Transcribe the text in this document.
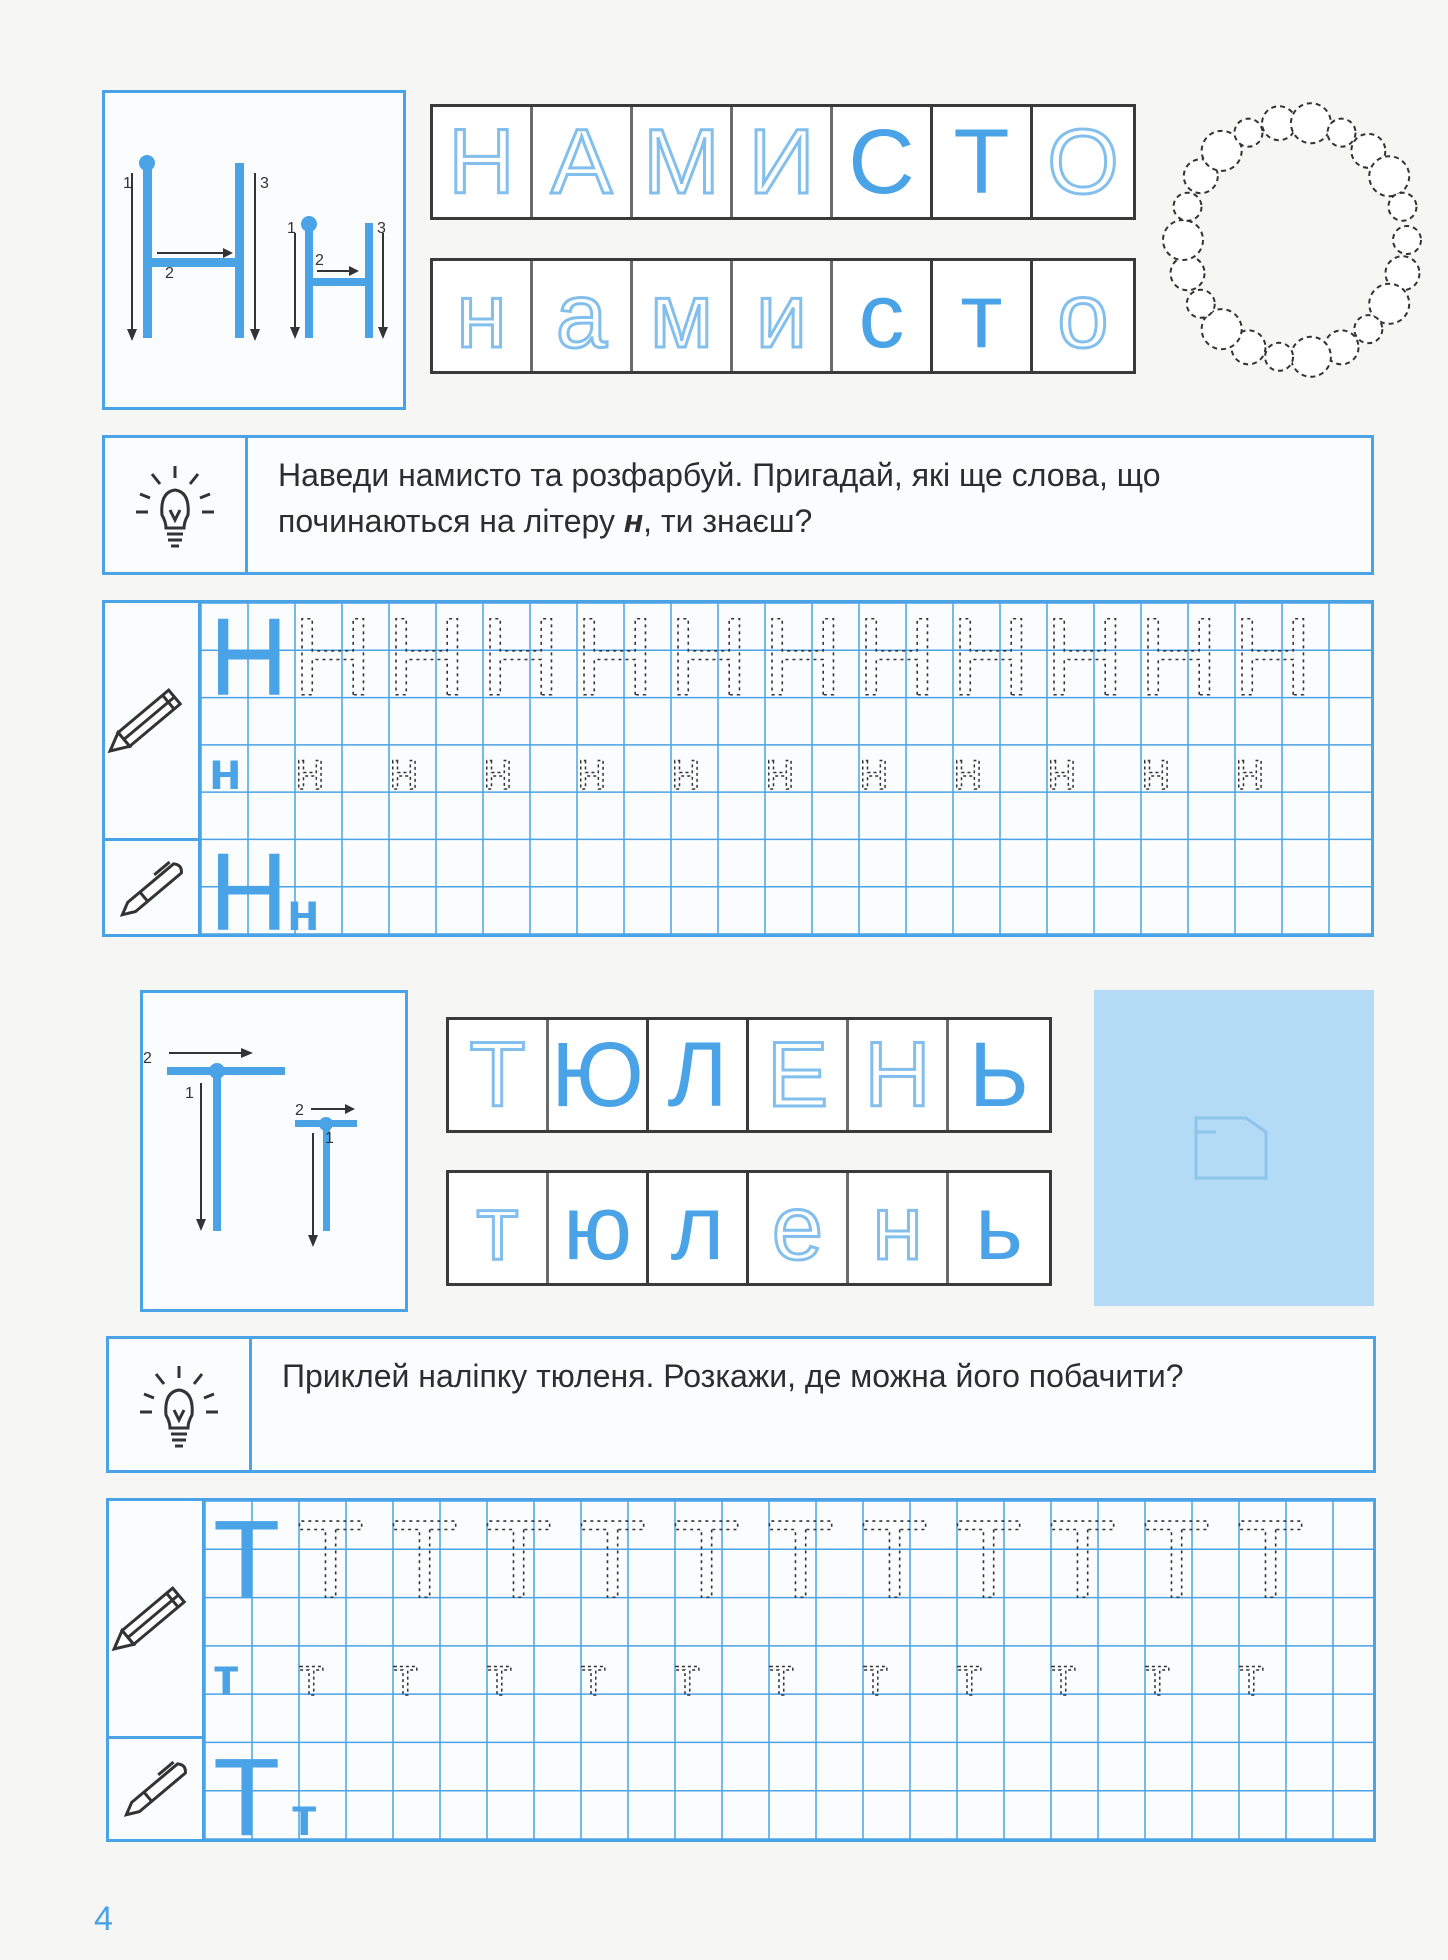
1	3
2
1	3
2
Н А М И С Т О
н а м и с т о
Наведи намисто та розфарбуй. Пригадай, які ще слова, що починаються на літеру н, ти знаєш?
Н
н
Н
н
Н
н
Н
н
Н
н
Н
н
Н
н
Н
н
Н
н
Н
н
Н
н
Н
н
Н
н
2
1
2
1
Т Ю Л Е Н Ь
т ю л е н ь
Приклей наліпку тюленя. Розкажи, де можна його побачити?
Т
т
Т т
Т
т
Т
т
Т
т
Т
т
Т
т
Т
т
Т
т
Т
т
Т
т
Т
т
Т
т
4
